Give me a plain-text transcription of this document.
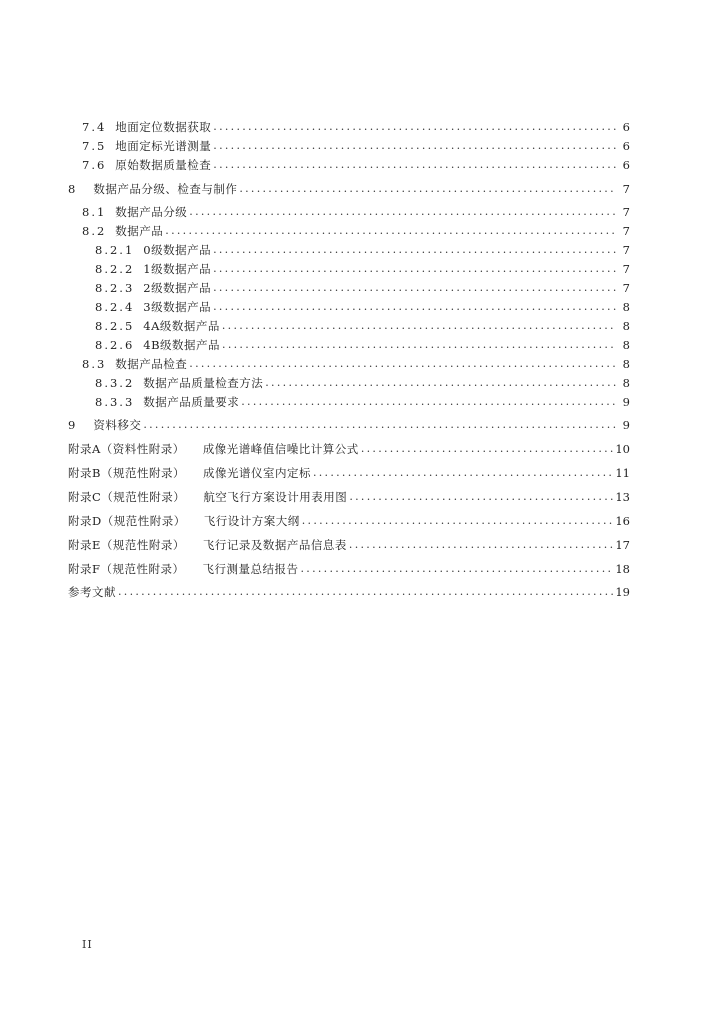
7.4 地面定位数据获取 . . .	6
7.5 地面定标光谱测量 . . .	6
7.6 原始数据质量检查 . . .	6
8 数据产品分级、检查与制作 . . .	7
8.1 数据产品分级 . . .	7
8.2 数据产品 . . .	7
8.2.1 0级数据产品 . . .	7
8.2.2 1级数据产品 . . .	7
8.2.3 2级数据产品 . . .	7
8.2.4 3级数据产品 . . .	8
8.2.5 4A级数据产品 . . .	8
8.2.6 4B级数据产品 . . .	8
8.3 数据产品检查 . . .	8
8.3.2 数据产品质量检查方法 . . .	8
8.3.3 数据产品质量要求 . . .	9
9 资料移交 . . .	9
附录A（资料性附录） 成像光谱峰值信噪比计算公式 . . .	10
附录B（规范性附录） 成像光谱仪室内定标 . . .	11
附录C（规范性附录） 航空飞行方案设计用表用图 . . .	13
附录D（规范性附录） 飞行设计方案大纲 . . .	16
附录E（规范性附录） 飞行记录及数据产品信息表 . . .	17
附录F（规范性附录） 飞行测量总结报告 . . .	18
参考文献 . . .	19
II
